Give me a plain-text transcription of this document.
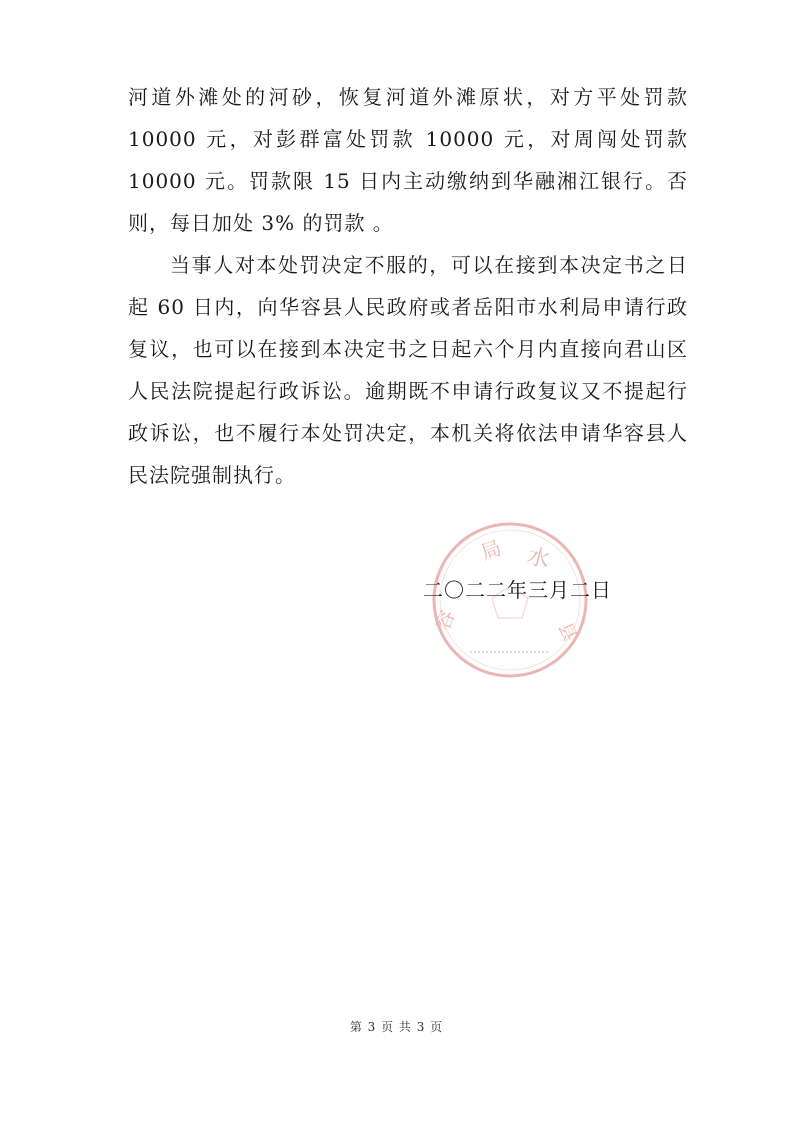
河道外滩处的河砂，恢复河道外滩原状，对方平处罚款 10000 元，对彭群富处罚款 10000 元，对周闯处罚款 10000 元。罚款限 15 日内主动缴纳到华融湘江银行。否则，每日加处 3% 的罚款 。

当事人对本处罚决定不服的，可以在接到本决定书之日起 60 日内，向华容县人民政府或者岳阳市水利局申请行政复议，也可以在接到本决定书之日起六个月内直接向君山区人民法院提起行政诉讼。逾期既不申请行政复议又不提起行政诉讼，也不履行本处罚决定，本机关将依法申请华容县人民法院强制执行。

水
局
容	县
二〇二二年三月二日
第 3 页 共 3 页
